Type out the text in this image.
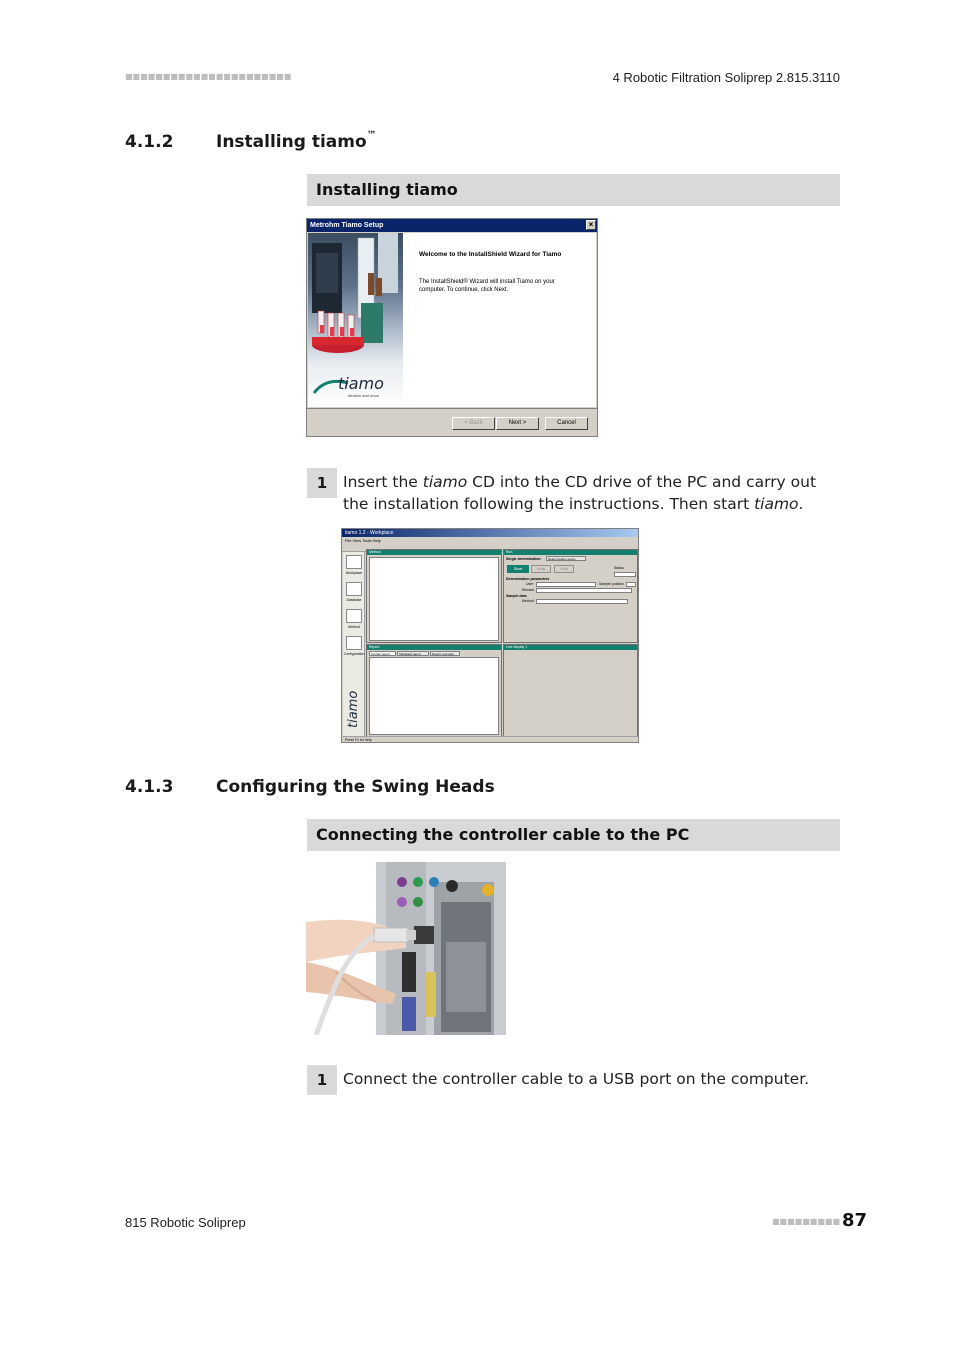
■■■■■■■■■■■■■■■■■■■■■■	4 Robotic Filtration Soliprep 2.815.3110
4.1.2	Installing tiamo™
Installing tiamo
Metrohm Tiamo Setup	×
tiamo
titration and more
Welcome to the InstallShield Wizard for Tiamo
The InstallShield® Wizard will install Tiamo on your computer. To continue, click Next.
< Back	Next >	Cancel
1	Insert the tiamo CD into the CD drive of the PC and carry out the installation following the instructions. Then start tiamo.
tiamo 1.2 - Workplace
File View Tools Help
Workplace
Database
Method
Configuration
tiamo
Method	Run
Single determination	Determination series
Start	Stop	Hold	Status
Determination parameters
User	Sample position
Remark
Sample data
Method
Report
Current report	Tabulated report	Report overview
Live display 1
Press F1 for help
4.1.3	Configuring the Swing Heads
Connecting the controller cable to the PC
1	Connect the controller cable to a USB port on the computer.
815 Robotic Soliprep	■■■■■■■■■ 87
